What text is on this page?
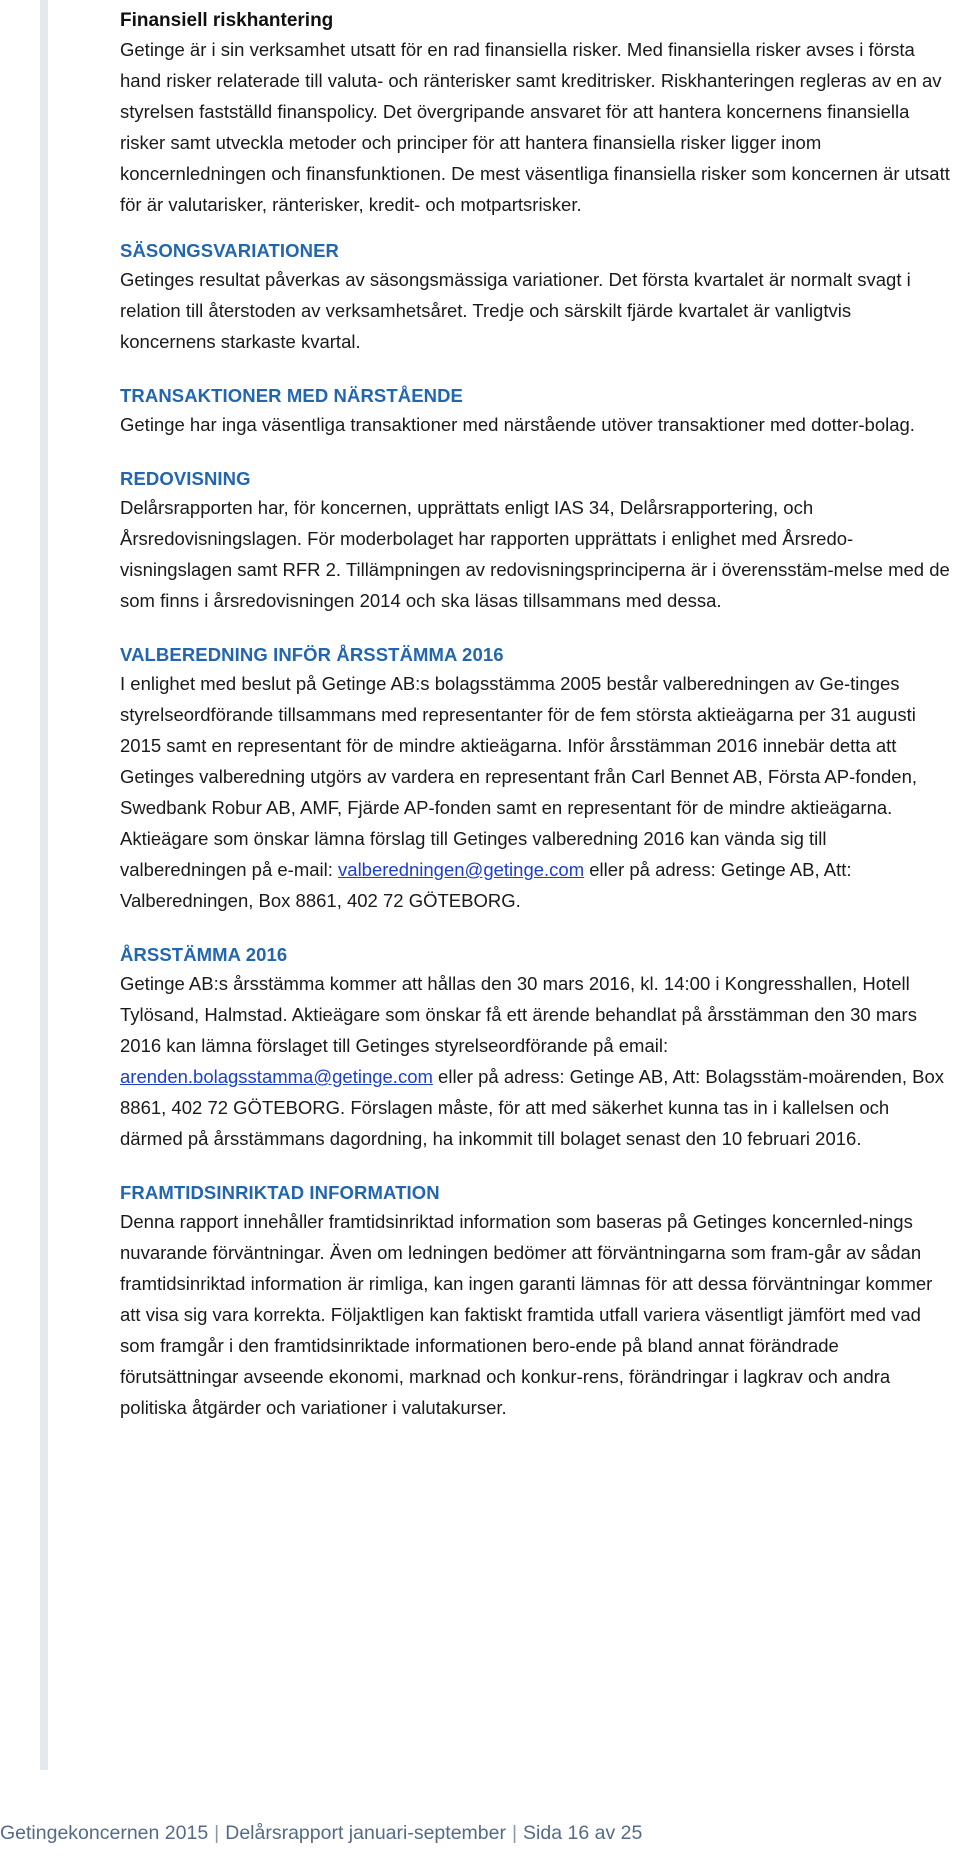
Finansiell riskhantering

Getinge är i sin verksamhet utsatt för en rad finansiella risker. Med finansiella risker avses i första hand risker relaterade till valuta- och ränterisker samt kreditrisker. Riskhanteringen regleras av en av styrelsen fastställd finanspolicy. Det övergripande ansvaret för att hantera koncernens finansiella risker samt utveckla metoder och principer för att hantera finansiella risker ligger inom koncernledningen och finansfunktionen. De mest väsentliga finansiella risker som koncernen är utsatt för är valutarisker, ränterisker, kredit- och motpartsrisker.

SÄSONGSVARIATIONER

Getinges resultat påverkas av säsongsmässiga variationer. Det första kvartalet är normalt svagt i relation till återstoden av verksamhetsåret. Tredje och särskilt fjärde kvartalet är vanligtvis koncernens starkaste kvartal.

TRANSAKTIONER MED NÄRSTÅENDE

Getinge har inga väsentliga transaktioner med närstående utöver transaktioner med dotter-bolag.

REDOVISNING

Delårsrapporten har, för koncernen, upprättats enligt IAS 34, Delårsrapportering, och Årsredovisningslagen. För moderbolaget har rapporten upprättats i enlighet med Årsredo-visningslagen samt RFR 2. Tillämpningen av redovisningsprinciperna är i överensstäm-melse med de som finns i årsredovisningen 2014 och ska läsas tillsammans med dessa.

VALBEREDNING INFÖR ÅRSSTÄMMA 2016

I enlighet med beslut på Getinge AB:s bolagsstämma 2005 består valberedningen av Ge-tinges styrelseordförande tillsammans med representanter för de fem största aktieägarna per 31 augusti 2015 samt en representant för de mindre aktieägarna. Inför årsstämman 2016 innebär detta att Getinges valberedning utgörs av vardera en representant från Carl Bennet AB, Första AP-fonden, Swedbank Robur AB, AMF, Fjärde AP-fonden samt en representant för de mindre aktieägarna.

Aktieägare som önskar lämna förslag till Getinges valberedning 2016 kan vända sig till valberedningen på e-mail: valberedningen@getinge.com eller på adress: Getinge AB, Att: Valberedningen, Box 8861, 402 72 GÖTEBORG.

ÅRSSTÄMMA 2016

Getinge AB:s årsstämma kommer att hållas den 30 mars 2016, kl. 14:00 i Kongresshallen, Hotell Tylösand, Halmstad. Aktieägare som önskar få ett ärende behandlat på årsstämman den 30 mars 2016 kan lämna förslaget till Getinges styrelseordförande på email: arenden.bolagsstamma@getinge.com eller på adress: Getinge AB, Att: Bolagsstäm-moärenden, Box 8861, 402 72 GÖTEBORG. Förslagen måste, för att med säkerhet kunna tas in i kallelsen och därmed på årsstämmans dagordning, ha inkommit till bolaget senast den 10 februari 2016.

FRAMTIDSINRIKTAD INFORMATION

Denna rapport innehåller framtidsinriktad information som baseras på Getinges koncernled-nings nuvarande förväntningar. Även om ledningen bedömer att förväntningarna som fram-går av sådan framtidsinriktad information är rimliga, kan ingen garanti lämnas för att dessa förväntningar kommer att visa sig vara korrekta. Följaktligen kan faktiskt framtida utfall variera väsentligt jämfört med vad som framgår i den framtidsinriktade informationen bero-ende på bland annat förändrade förutsättningar avseende ekonomi, marknad och konkur-rens, förändringar i lagkrav och andra politiska åtgärder och variationer i valutakurser.

Getingekoncernen 2015 | Delårsrapport januari-september | Sida 16 av 25
